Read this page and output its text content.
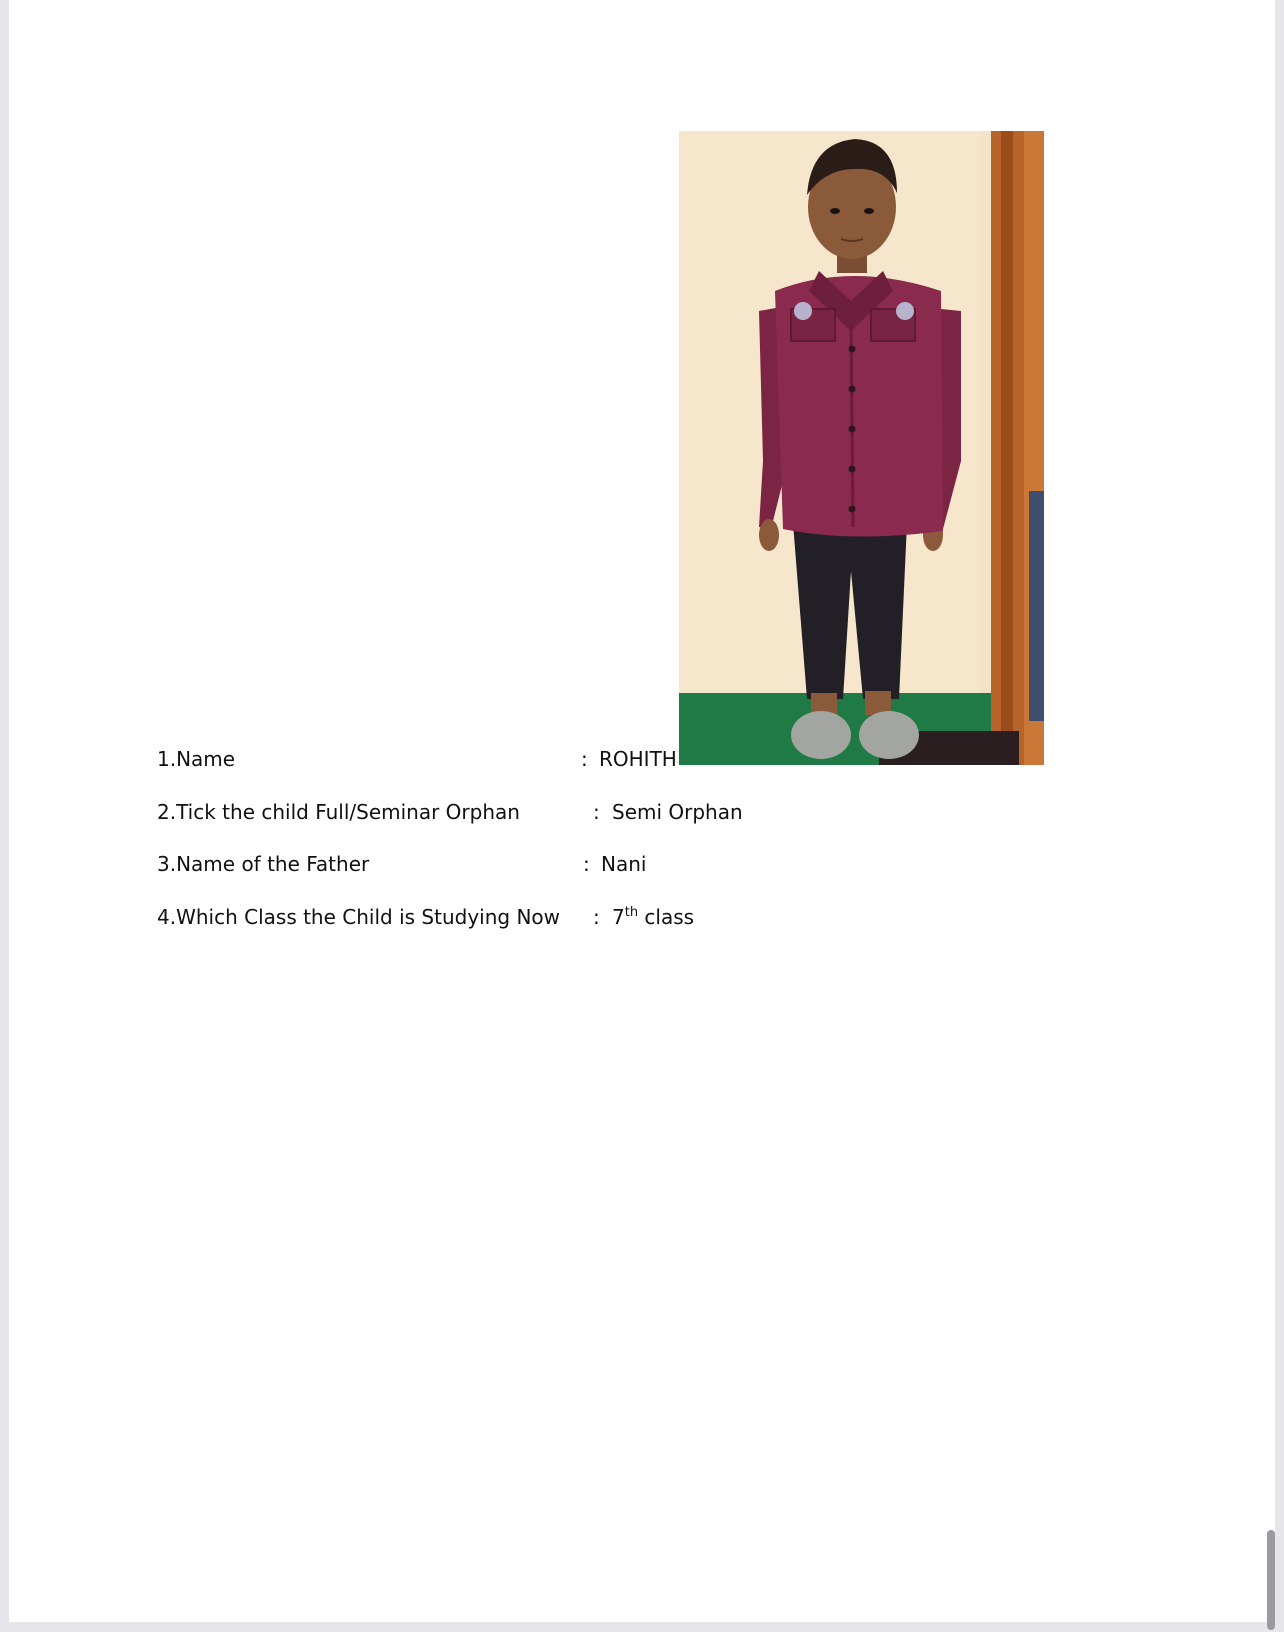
1.Name	: ROHITH
2.Tick the child Full/Seminar Orphan	: Semi Orphan
3.Name of the Father	: Nani
4.Which Class the Child is Studying Now : 7th class
